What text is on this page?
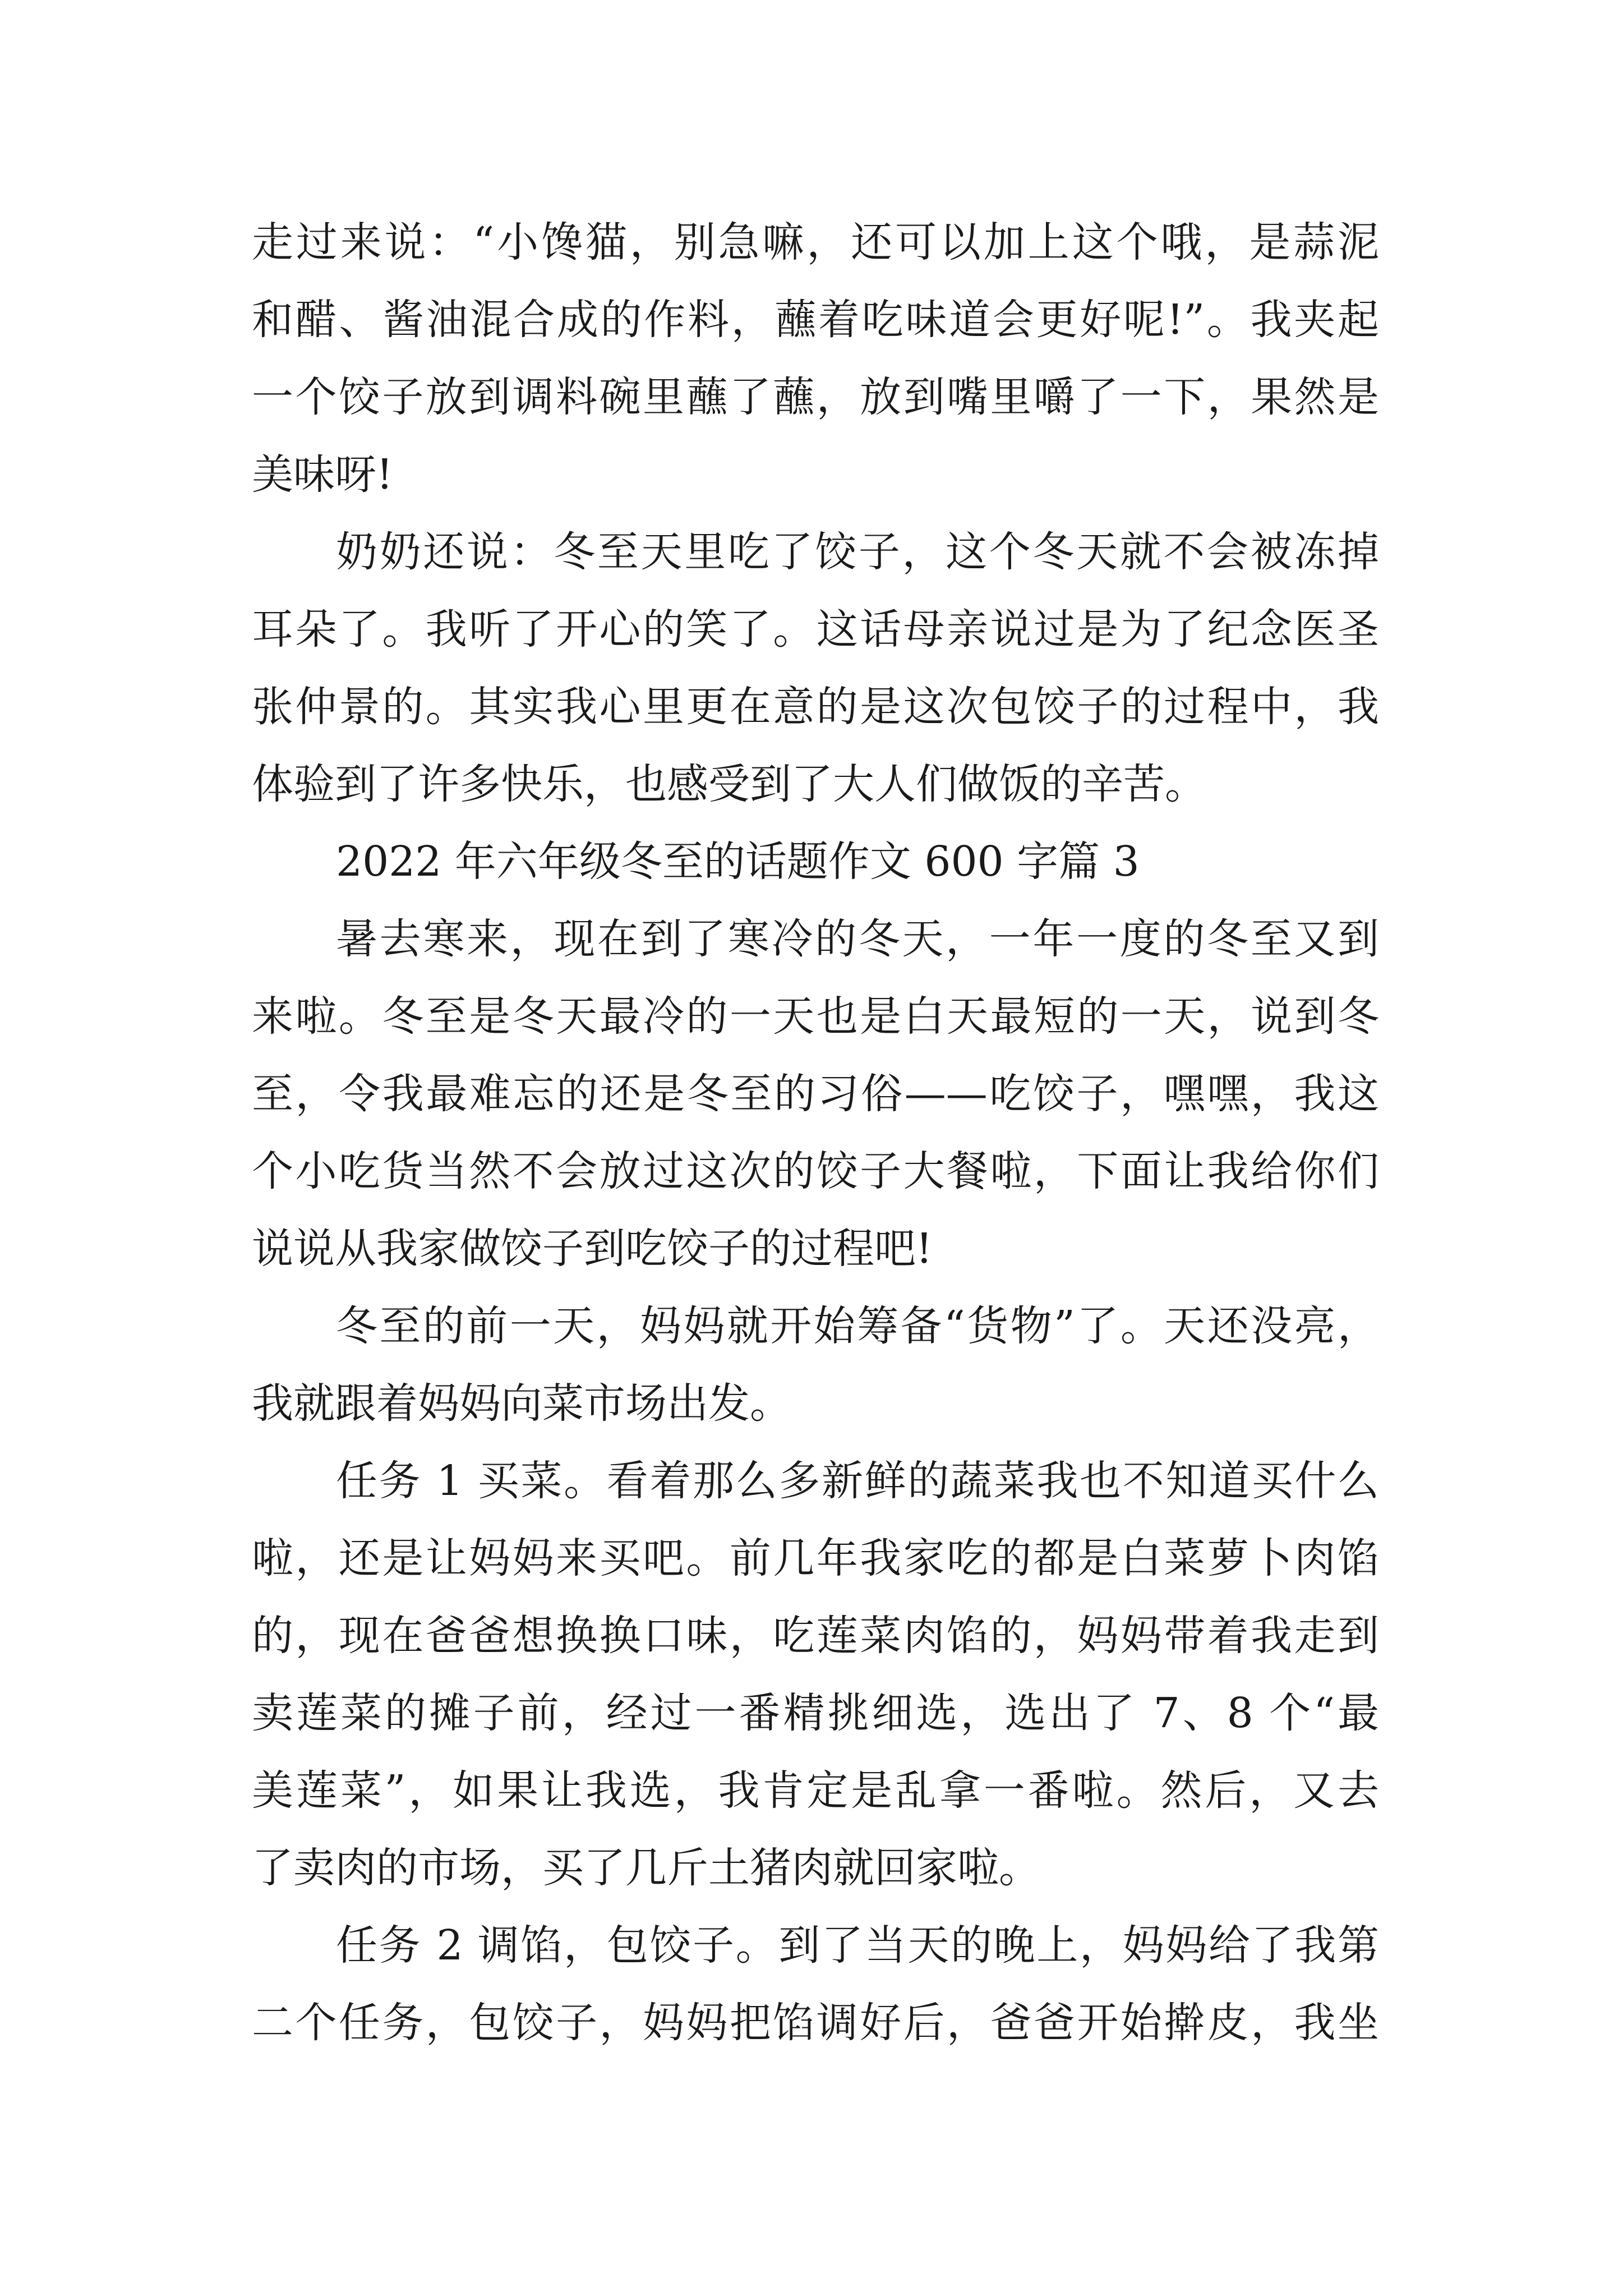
走过来说：“小馋猫，别急嘛，还可以加上这个哦，是蒜泥
和醋、酱油混合成的作料，蘸着吃味道会更好呢!”。我夹起
一个饺子放到调料碗里蘸了蘸，放到嘴里嚼了一下，果然是
美味呀!
奶奶还说：冬至天里吃了饺子，这个冬天就不会被冻掉
耳朵了。我听了开心的笑了。这话母亲说过是为了纪念医圣
张仲景的。其实我心里更在意的是这次包饺子的过程中，我
体验到了许多快乐，也感受到了大人们做饭的辛苦。
2022 年六年级冬至的话题作文 600 字篇 3
暑去寒来，现在到了寒冷的冬天，一年一度的冬至又到
来啦。冬至是冬天最冷的一天也是白天最短的一天，说到冬
至，令我最难忘的还是冬至的习俗——吃饺子，嘿嘿，我这
个小吃货当然不会放过这次的饺子大餐啦，下面让我给你们
说说从我家做饺子到吃饺子的过程吧!
冬至的前一天，妈妈就开始筹备“货物”了。天还没亮，
我就跟着妈妈向菜市场出发。
任务 1 买菜。看着那么多新鲜的蔬菜我也不知道买什么
啦，还是让妈妈来买吧。前几年我家吃的都是白菜萝卜肉馅
的，现在爸爸想换换口味，吃莲菜肉馅的，妈妈带着我走到
卖莲菜的摊子前，经过一番精挑细选，选出了 7、8 个“最
美莲菜”，如果让我选，我肯定是乱拿一番啦。然后，又去
了卖肉的市场，买了几斤土猪肉就回家啦。
任务 2 调馅，包饺子。到了当天的晚上，妈妈给了我第
二个任务，包饺子，妈妈把馅调好后，爸爸开始擀皮，我坐
